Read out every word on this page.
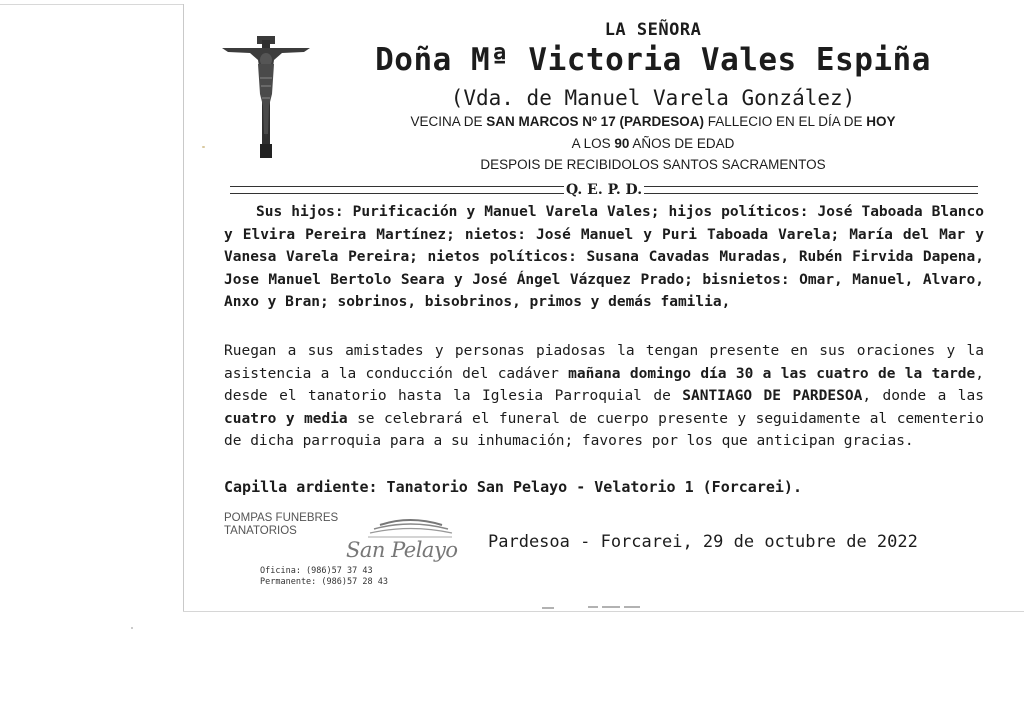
LA SEÑORA
Doña Mª Victoria Vales Espiña
(Vda. de Manuel Varela González)
VECINA DE SAN MARCOS Nº 17 (PARDESOA) FALLECIO EN EL DÍA DE HOY
A LOS 90 AÑOS DE EDAD
DESPOIS DE RECIBIDOLOS SANTOS SACRAMENTOS
Q. E. P. D.
Sus hijos: Purificación y Manuel Varela Vales; hijos políticos: José Taboada Blanco y Elvira Pereira Martínez; nietos: José Manuel y Puri Taboada Varela; María del Mar y Vanesa Varela Pereira; nietos políticos: Susana Cavadas Muradas, Rubén Firvida Dapena, Jose Manuel Bertolo Seara y José Ángel Vázquez Prado; bisnietos: Omar, Manuel, Alvaro, Anxo y Bran; sobrinos, bisobrinos, primos y demás familia,
Ruegan a sus amistades y personas piadosas la tengan presente en sus oraciones y la asistencia a la conducción del cadáver mañana domingo día 30 a las cuatro de la tarde, desde el tanatorio hasta la Iglesia Parroquial de SANTIAGO DE PARDESOA, donde a las cuatro y media se celebrará el funeral de cuerpo presente y seguidamente al cementerio de dicha parroquia para a su inhumación; favores por los que anticipan gracias.
Capilla ardiente: Tanatorio San Pelayo - Velatorio 1 (Forcarei).
POMPAS FUNEBRES
TANATORIOS
San Pelayo
Oficina: (986)57 37 43
Permanente: (986)57 28 43
Pardesoa - Forcarei, 29 de octubre de 2022
